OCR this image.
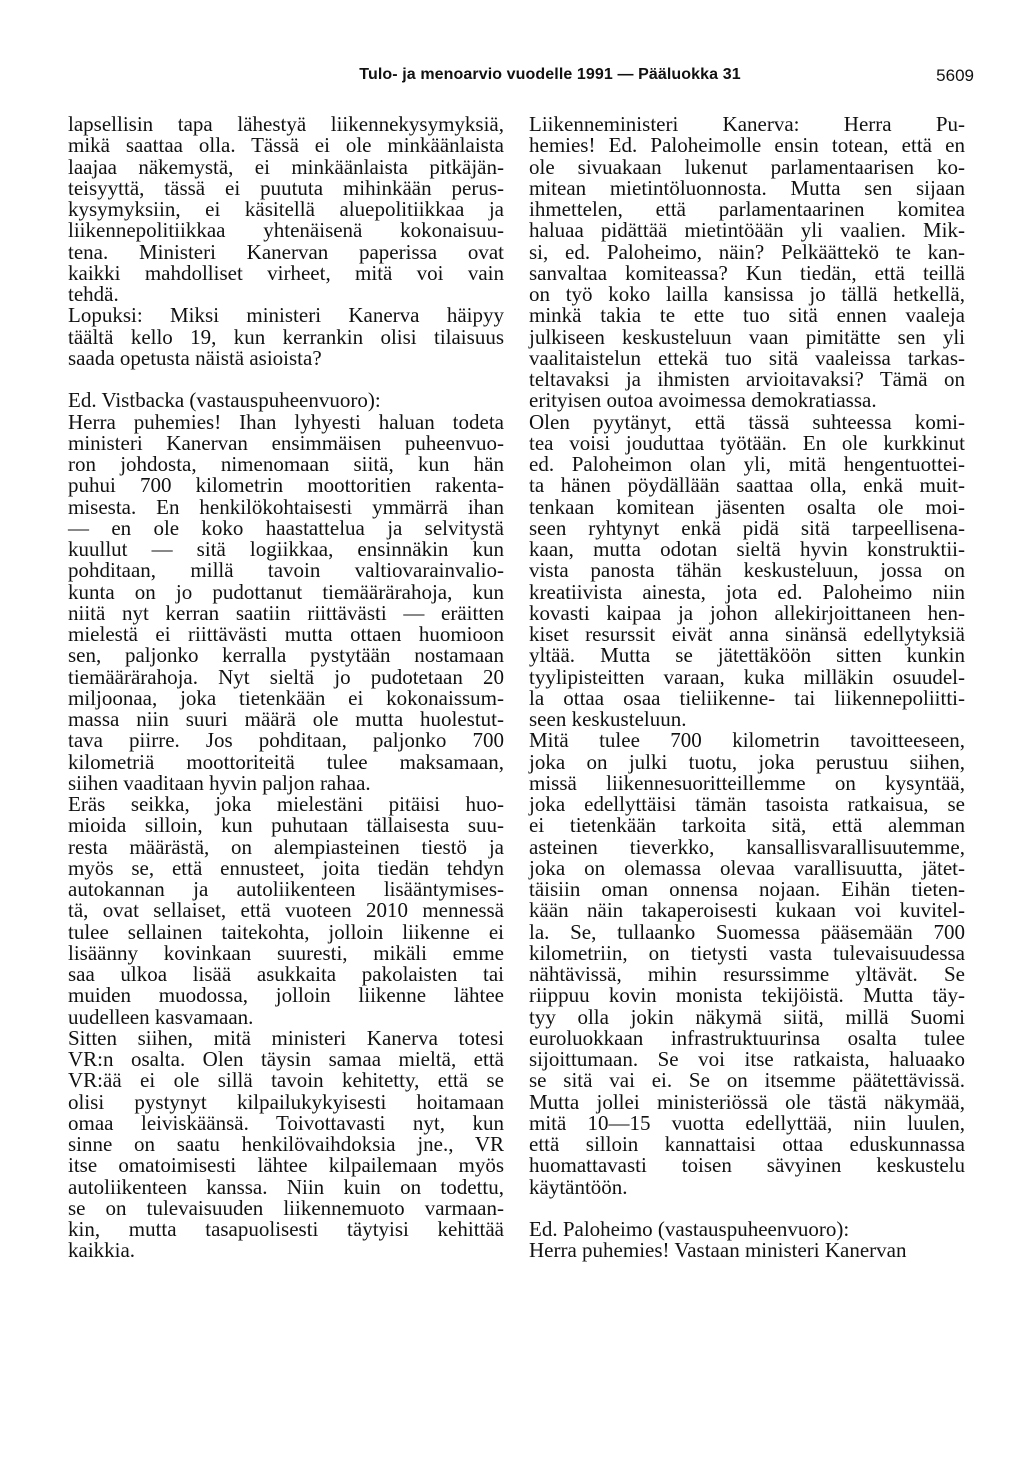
Tulo- ja menoarvio vuodelle 1991 — Pääluokka 31	5609
lapsellisin tapa lähestyä liikennekysymyksiä,
mikä saattaa olla. Tässä ei ole minkäänlaista
laajaa näkemystä, ei minkäänlaista pitkäjän-
teisyyttä, tässä ei puututa mihinkään perus-
kysymyksiin, ei käsitellä aluepolitiikkaa ja
liikennepolitiikkaa yhtenäisenä kokonaisuu-
tena. Ministeri Kanervan paperissa ovat
kaikki mahdolliset virheet, mitä voi vain
tehdä.
Lopuksi: Miksi ministeri Kanerva häipyy
täältä kello 19, kun kerrankin olisi tilaisuus
saada opetusta näistä asioista?
Ed. Vistbacka (vastauspuheenvuoro):
Herra puhemies! Ihan lyhyesti haluan todeta
ministeri Kanervan ensimmäisen puheenvuo-
ron johdosta, nimenomaan siitä, kun hän
puhui 700 kilometrin moottoritien rakenta-
misesta. En henkilökohtaisesti ymmärrä ihan
— en ole koko haastattelua ja selvitystä
kuullut — sitä logiikkaa, ensinnäkin kun
pohditaan, millä tavoin valtiovarainvalio-
kunta on jo pudottanut tiemäärärahoja, kun
niitä nyt kerran saatiin riittävästi — eräitten
mielestä ei riittävästi mutta ottaen huomioon
sen, paljonko kerralla pystytään nostamaan
tiemäärärahoja. Nyt sieltä jo pudotetaan 20
miljoonaa, joka tietenkään ei kokonaissum-
massa niin suuri määrä ole mutta huolestut-
tava piirre. Jos pohditaan, paljonko 700
kilometriä moottoriteitä tulee maksamaan,
siihen vaaditaan hyvin paljon rahaa.
Eräs seikka, joka mielestäni pitäisi huo-
mioida silloin, kun puhutaan tällaisesta suu-
resta määrästä, on alempiasteinen tiestö ja
myös se, että ennusteet, joita tiedän tehdyn
autokannan ja autoliikenteen lisääntymises-
tä, ovat sellaiset, että vuoteen 2010 mennessä
tulee sellainen taitekohta, jolloin liikenne ei
lisäänny kovinkaan suuresti, mikäli emme
saa ulkoa lisää asukkaita pakolaisten tai
muiden muodossa, jolloin liikenne lähtee
uudelleen kasvamaan.
Sitten siihen, mitä ministeri Kanerva totesi
VR:n osalta. Olen täysin samaa mieltä, että
VR:ää ei ole sillä tavoin kehitetty, että se
olisi pystynyt kilpailukykyisesti hoitamaan
omaa leiviskäänsä. Toivottavasti nyt, kun
sinne on saatu henkilövaihdoksia jne., VR
itse omatoimisesti lähtee kilpailemaan myös
autoliikenteen kanssa. Niin kuin on todettu,
se on tulevaisuuden liikennemuoto varmaan-
kin, mutta tasapuolisesti täytyisi kehittää
kaikkia.
Liikenneministeri Kanerva: Herra Pu-
hemies! Ed. Paloheimolle ensin totean, että en
ole sivuakaan lukenut parlamentaarisen ko-
mitean mietintöluonnosta. Mutta sen sijaan
ihmettelen, että parlamentaarinen komitea
haluaa pidättää mietintöään yli vaalien. Mik-
si, ed. Paloheimo, näin? Pelkäättekö te kan-
sanvaltaa komiteassa? Kun tiedän, että teillä
on työ koko lailla kansissa jo tällä hetkellä,
minkä takia te ette tuo sitä ennen vaaleja
julkiseen keskusteluun vaan pimitätte sen yli
vaalitaistelun ettekä tuo sitä vaaleissa tarkas-
teltavaksi ja ihmisten arvioitavaksi? Tämä on
erityisen outoa avoimessa demokratiassa.
Olen pyytänyt, että tässä suhteessa komi-
tea voisi jouduttaa työtään. En ole kurkkinut
ed. Paloheimon olan yli, mitä hengentuottei-
ta hänen pöydällään saattaa olla, enkä muit-
tenkaan komitean jäsenten osalta ole moi-
seen ryhtynyt enkä pidä sitä tarpeellisena-
kaan, mutta odotan sieltä hyvin konstruktii-
vista panosta tähän keskusteluun, jossa on
kreatiivista ainesta, jota ed. Paloheimo niin
kovasti kaipaa ja johon allekirjoittaneen hen-
kiset resurssit eivät anna sinänsä edellytyksiä
yltää. Mutta se jätettäköön sitten kunkin
tyylipisteitten varaan, kuka milläkin osuudel-
la ottaa osaa tieliikenne- tai liikennepoliitti-
seen keskusteluun.
Mitä tulee 700 kilometrin tavoitteeseen,
joka on julki tuotu, joka perustuu siihen,
missä liikennesuoritteillemme on kysyntää,
joka edellyttäisi tämän tasoista ratkaisua, se
ei tietenkään tarkoita sitä, että alemman
asteinen tieverkko, kansallisvarallisuutemme,
joka on olemassa olevaa varallisuutta, jätet-
täisiin oman onnensa nojaan. Eihän tieten-
kään näin takaperoisesti kukaan voi kuvitel-
la. Se, tullaanko Suomessa pääsemään 700
kilometriin, on tietysti vasta tulevaisuudessa
nähtävissä, mihin resurssimme yltävät. Se
riippuu kovin monista tekijöistä. Mutta täy-
tyy olla jokin näkymä siitä, millä Suomi
euroluokkaan infrastruktuurinsa osalta tulee
sijoittumaan. Se voi itse ratkaista, haluaako
se sitä vai ei. Se on itsemme päätettävissä.
Mutta jollei ministeriössä ole tästä näkymää,
mitä 10—15 vuotta edellyttää, niin luulen,
että silloin kannattaisi ottaa eduskunnassa
huomattavasti toisen sävyinen keskustelu
käytäntöön.
Ed. Paloheimo (vastauspuheenvuoro):
Herra puhemies! Vastaan ministeri Kanervan
